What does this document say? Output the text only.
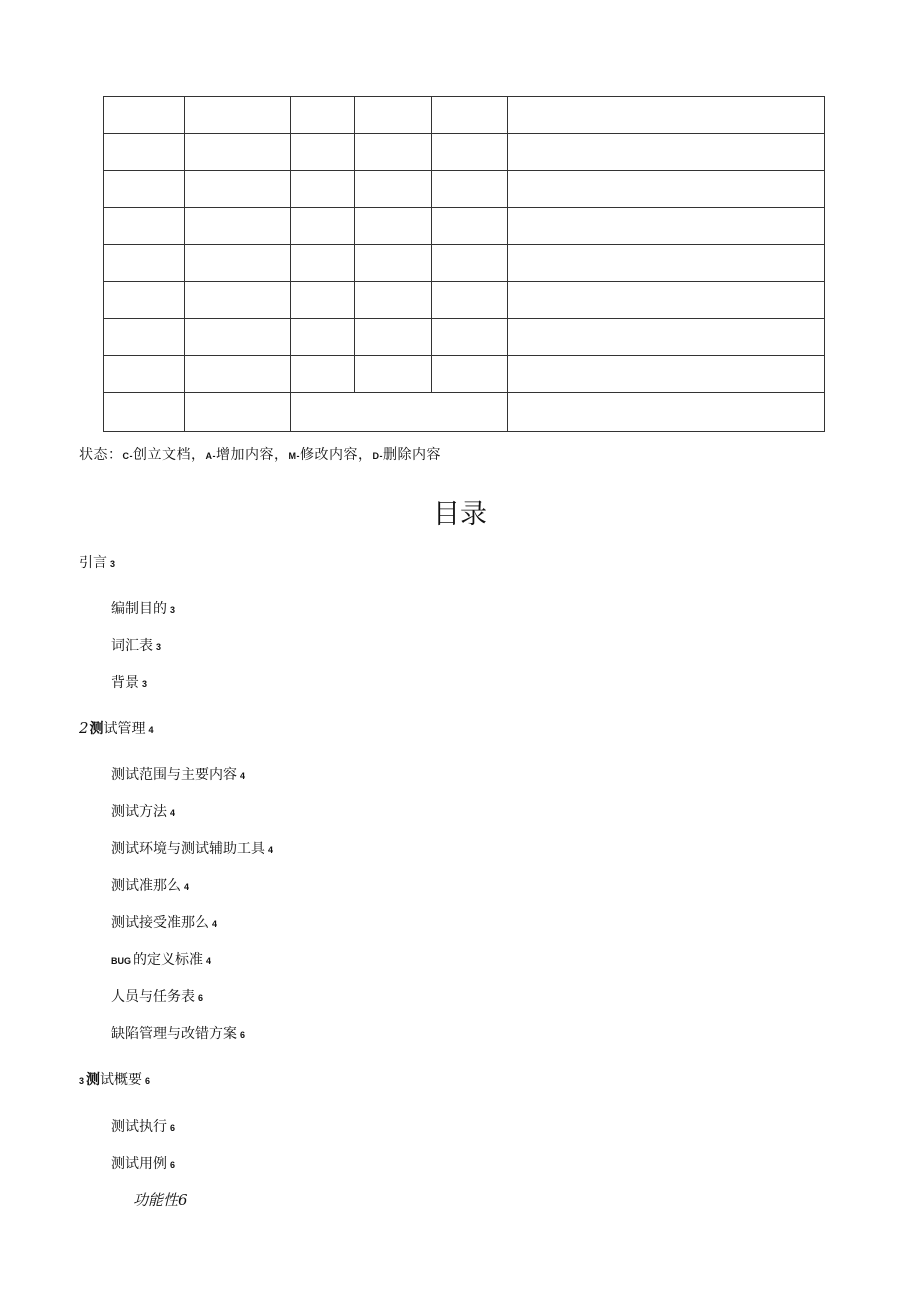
状态：C-创立文档，A-增加内容，M-修改内容，D-删除内容
目录
引言 3
编制目的 3
词汇表 3
背景 3
2测试管理 4
测试范围与主要内容 4
测试方法 4
测试环境与测试辅助工具 4
测试准那么 4
测试接受准那么 4
BUG 的定义标准 4
人员与任务表 6
缺陷管理与改错方案 6
3 测试概要 6
测试执行 6
测试用例 6
功能性6
